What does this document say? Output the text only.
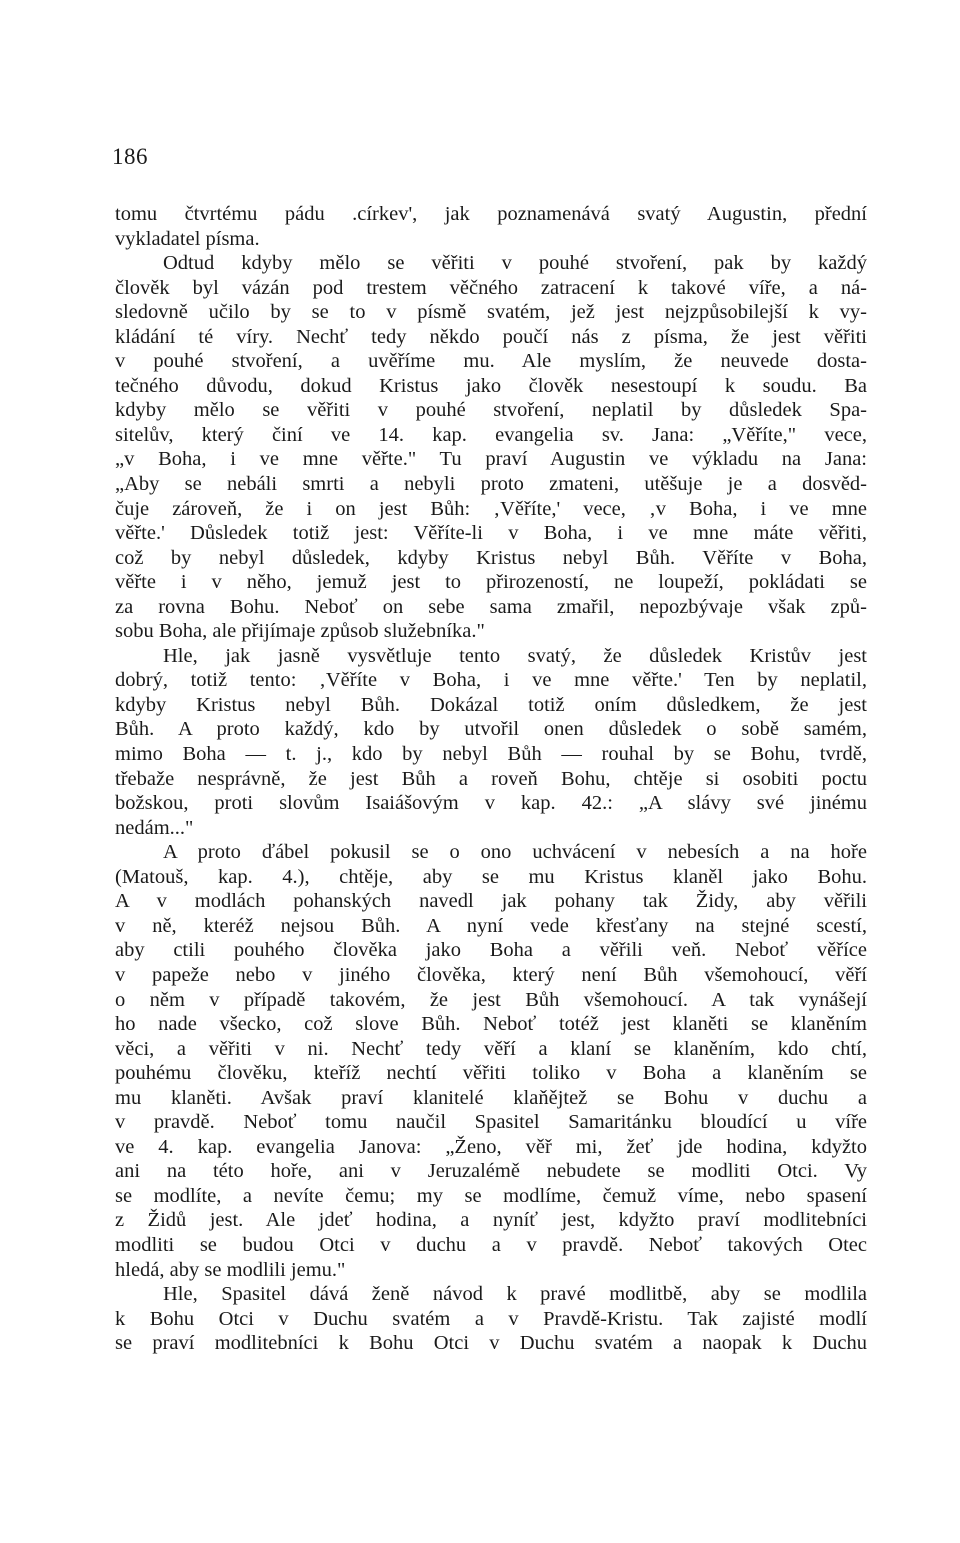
186
tomu čtvrtému pádu .církev', jak poznamenává svatý Augustin, přední
vykladatel písma.
Odtud kdyby mělo se věřiti v pouhé stvoření, pak by každý
člověk byl vázán pod trestem věčného zatracení k takové víře, a ná-
sledovně učilo by se to v písmě svatém, jež jest nejzpůsobilejší k vy-
kládání té víry. Nechť tedy někdo poučí nás z písma, že jest věřiti
v pouhé stvoření, a uvěříme mu. Ale myslím, že neuvede dosta-
tečného důvodu, dokud Kristus jako člověk nesestoupí k soudu. Ba
kdyby mělo se věřiti v pouhé stvoření, neplatil by důsledek Spa-
sitelův, který činí ve 14. kap. evangelia sv. Jana: „Věříte," vece,
„v Boha, i ve mne věřte." Tu praví Augustin ve výkladu na Jana:
„Aby se nebáli smrti a nebyli proto zmateni, utěšuje je a dosvěd-
čuje zároveň, že i on jest Bůh: ‚Věříte,' vece, ‚v Boha, i ve mne
věřte.' Důsledek totiž jest: Věříte-li v Boha, i ve mne máte věřiti,
což by nebyl důsledek, kdyby Kristus nebyl Bůh. Věříte v Boha,
věřte i v něho, jemuž jest to přirozeností, ne loupeží, pokládati se
za rovna Bohu. Neboť on sebe sama zmařil, nepozbývaje však způ-
sobu Boha, ale přijímaje způsob služebníka."
Hle, jak jasně vysvětluje tento svatý, že důsledek Kristův jest
dobrý, totiž tento: ‚Věříte v Boha, i ve mne věřte.' Ten by neplatil,
kdyby Kristus nebyl Bůh. Dokázal totiž oním důsledkem, že jest
Bůh. A proto každý, kdo by utvořil onen důsledek o sobě samém,
mimo Boha — t. j., kdo by nebyl Bůh — rouhal by se Bohu, tvrdě,
třebaže nesprávně, že jest Bůh a roveň Bohu, chtěje si osobiti poctu
božskou, proti slovům Isaiášovým v kap. 42.: „A slávy své jinému
nedám..."
A proto ďábel pokusil se o ono uchvácení v nebesích a na hoře
(Matouš, kap. 4.), chtěje, aby se mu Kristus klaněl jako Bohu.
A v modlách pohanských navedl jak pohany tak Židy, aby věřili
v ně, kteréž nejsou Bůh. A nyní vede křesťany na stejné scestí,
aby ctili pouhého člověka jako Boha a věřili veň. Neboť věříce
v papeže nebo v jiného člověka, který není Bůh všemohoucí, věří
o něm v případě takovém, že jest Bůh všemohoucí. A tak vynášejí
ho nade všecko, což slove Bůh. Neboť totéž jest klaněti se klaněním
věci, a věřiti v ni. Nechť tedy věří a klaní se klaněním, kdo chtí,
pouhému člověku, kteříž nechtí věřiti toliko v Boha a klaněním se
mu klaněti. Avšak praví klanitelé klaňějtež se Bohu v duchu a
v pravdě. Neboť tomu naučil Spasitel Samaritánku bloudící u víře
ve 4. kap. evangelia Janova: „Ženo, věř mi, žeť jde hodina, kdyžto
ani na této hoře, ani v Jeruzalémě nebudete se modliti Otci. Vy
se modlíte, a nevíte čemu; my se modlíme, čemuž víme, nebo spasení
z Židů jest. Ale jdeť hodina, a nyníť jest, kdyžto praví modlitebníci
modliti se budou Otci v duchu a v pravdě. Neboť takových Otec
hledá, aby se modlili jemu."
Hle, Spasitel dává ženě návod k pravé modlitbě, aby se modlila
k Bohu Otci v Duchu svatém a v Pravdě-Kristu. Tak zajisté modlí
se praví modlitebníci k Bohu Otci v Duchu svatém a naopak k Duchu
